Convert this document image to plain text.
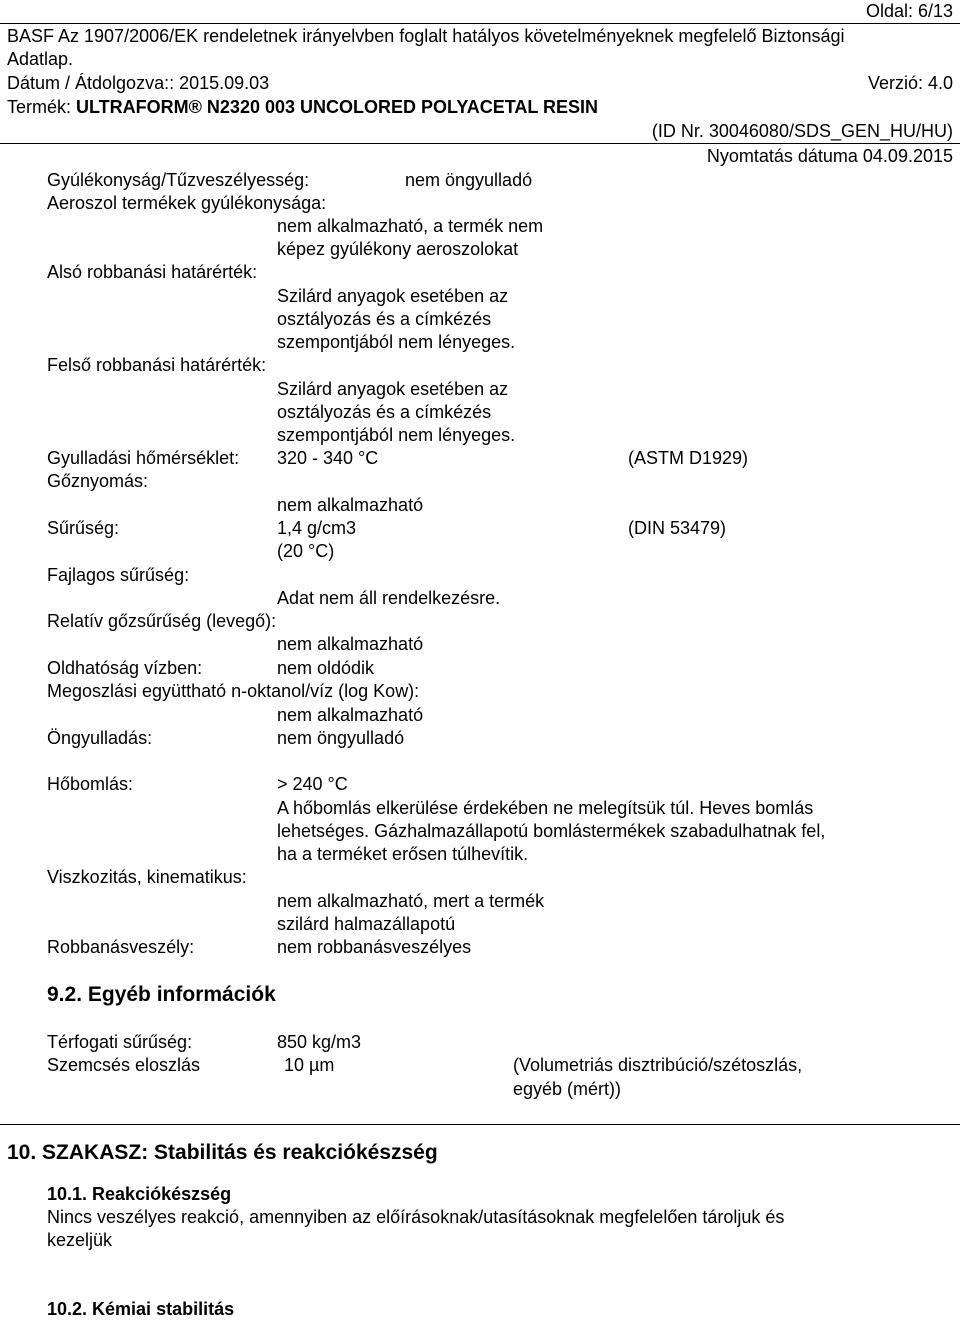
Oldal: 6/13
BASF Az 1907/2006/EK rendeletnek irányelvben foglalt hatályos követelményeknek megfelelő Biztonsági
Adatlap.
Dátum / Átdolgozva:: 2015.09.03	Verzió: 4.0
Termék: ULTRAFORM® N2320 003 UNCOLORED POLYACETAL RESIN
(ID Nr. 30046080/SDS_GEN_HU/HU)
Nyomtatás dátuma 04.09.2015
Gyúlékonyság/Tűzveszélyesség:	nem öngyulladó
Aeroszol termékek gyúlékonysága:
nem alkalmazható, a termék nem
képez gyúlékony aeroszolokat
Alsó robbanási határérték:
Szilárd anyagok esetében az
osztályozás és a címkézés
szempontjából nem lényeges.
Felső robbanási határérték:
Szilárd anyagok esetében az
osztályozás és a címkézés
szempontjából nem lényeges.
Gyulladási hőmérséklet: 320 - 340 °C	(ASTM D1929)
Gőznyomás:
nem alkalmazható
Sűrűség:	1,4 g/cm3	(DIN 53479)
(20 °C)
Fajlagos sűrűség:
Adat nem áll rendelkezésre.
Relatív gőzsűrűség (levegő):
nem alkalmazható
Oldhatóság vízben:	nem oldódik
Megoszlási együttható n-oktanol/víz (log Kow):
nem alkalmazható
Öngyulladás:	nem öngyulladó
Hőbomlás:	> 240 °C
A hőbomlás elkerülése érdekében ne melegítsük túl. Heves bomlás
lehetséges. Gázhalmazállapotú bomlástermékek szabadulhatnak fel,
ha a terméket erősen túlhevítik.
Viszkozitás, kinematikus:
nem alkalmazható, mert a termék
szilárd halmazállapotú
Robbanásveszély:	nem robbanásveszélyes
9.2. Egyéb információk
Térfogati sűrűség:	850 kg/m3
Szemcsés eloszlás	10 µm	(Volumetriás disztribúció/szétoszlás,
egyéb (mért))
10. SZAKASZ: Stabilitás és reakciókészség
10.1. Reakciókészség
Nincs veszélyes reakció, amennyiben az előírásoknak/utasításoknak megfelelően tároljuk és
kezeljük
10.2. Kémiai stabilitás
